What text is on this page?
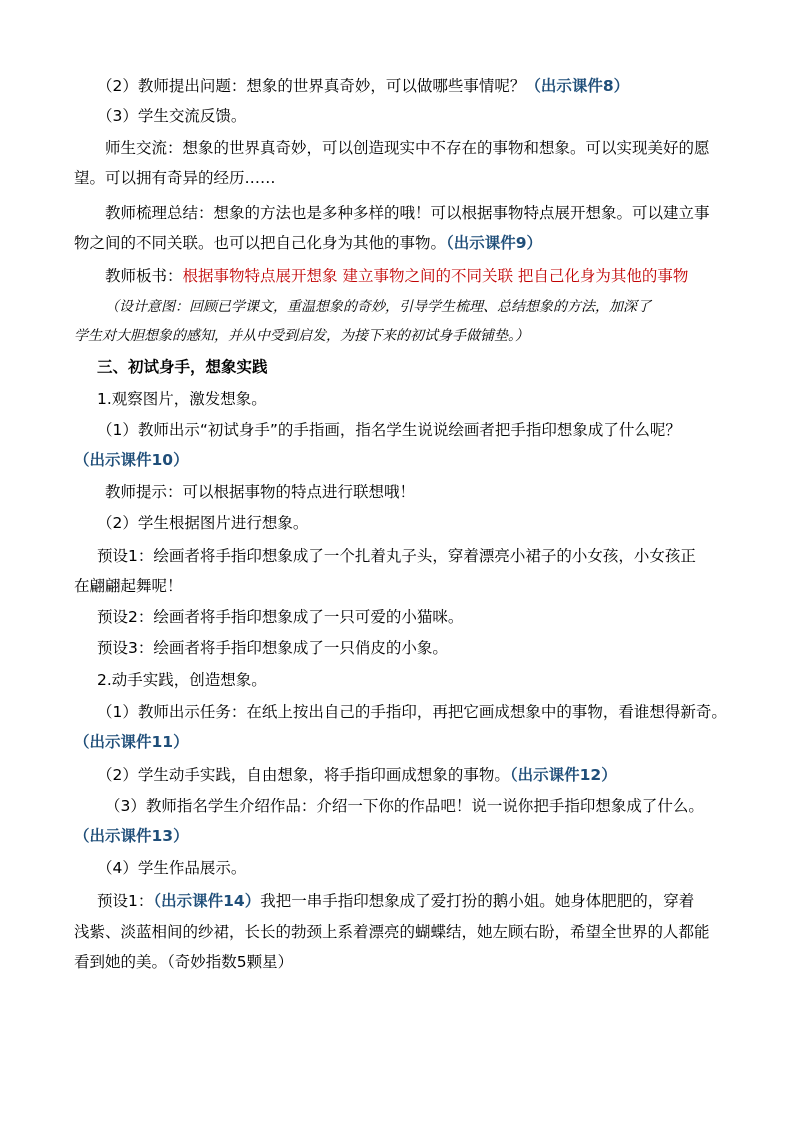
（2）教师提出问题：想象的世界真奇妙，可以做哪些事情呢？（出示课件8）
（3）学生交流反馈。
师生交流：想象的世界真奇妙，可以创造现实中不存在的事物和想象。可以实现美好的愿
望。可以拥有奇异的经历……
教师梳理总结：想象的方法也是多种多样的哦！可以根据事物特点展开想象。可以建立事
物之间的不同关联。也可以把自己化身为其他的事物。（出示课件9）
教师板书：根据事物特点展开想象 建立事物之间的不同关联 把自己化身为其他的事物
（设计意图：回顾已学课文，重温想象的奇妙，引导学生梳理、总结想象的方法，加深了
学生对大胆想象的感知，并从中受到启发，为接下来的初试身手做铺垫。）
三、初试身手，想象实践
1.观察图片，激发想象。
（1）教师出示“初试身手”的手指画，指名学生说说绘画者把手指印想象成了什么呢？
（出示课件10）
教师提示：可以根据事物的特点进行联想哦！
（2）学生根据图片进行想象。
预设1：绘画者将手指印想象成了一个扎着丸子头，穿着漂亮小裙子的小女孩，小女孩正
在翩翩起舞呢！
预设2：绘画者将手指印想象成了一只可爱的小猫咪。
预设3：绘画者将手指印想象成了一只俏皮的小象。
2.动手实践，创造想象。
（1）教师出示任务：在纸上按出自己的手指印，再把它画成想象中的事物，看谁想得新奇。
（出示课件11）
（2）学生动手实践，自由想象，将手指印画成想象的事物。（出示课件12）
（3）教师指名学生介绍作品：介绍一下你的作品吧！说一说你把手指印想象成了什么。
（出示课件13）
（4）学生作品展示。
预设1：（出示课件14）我把一串手指印想象成了爱打扮的鹅小姐。她身体肥肥的，穿着
浅紫、淡蓝相间的纱裙，长长的勃颈上系着漂亮的蝴蝶结，她左顾右盼，希望全世界的人都能
看到她的美。（奇妙指数5颗星）
